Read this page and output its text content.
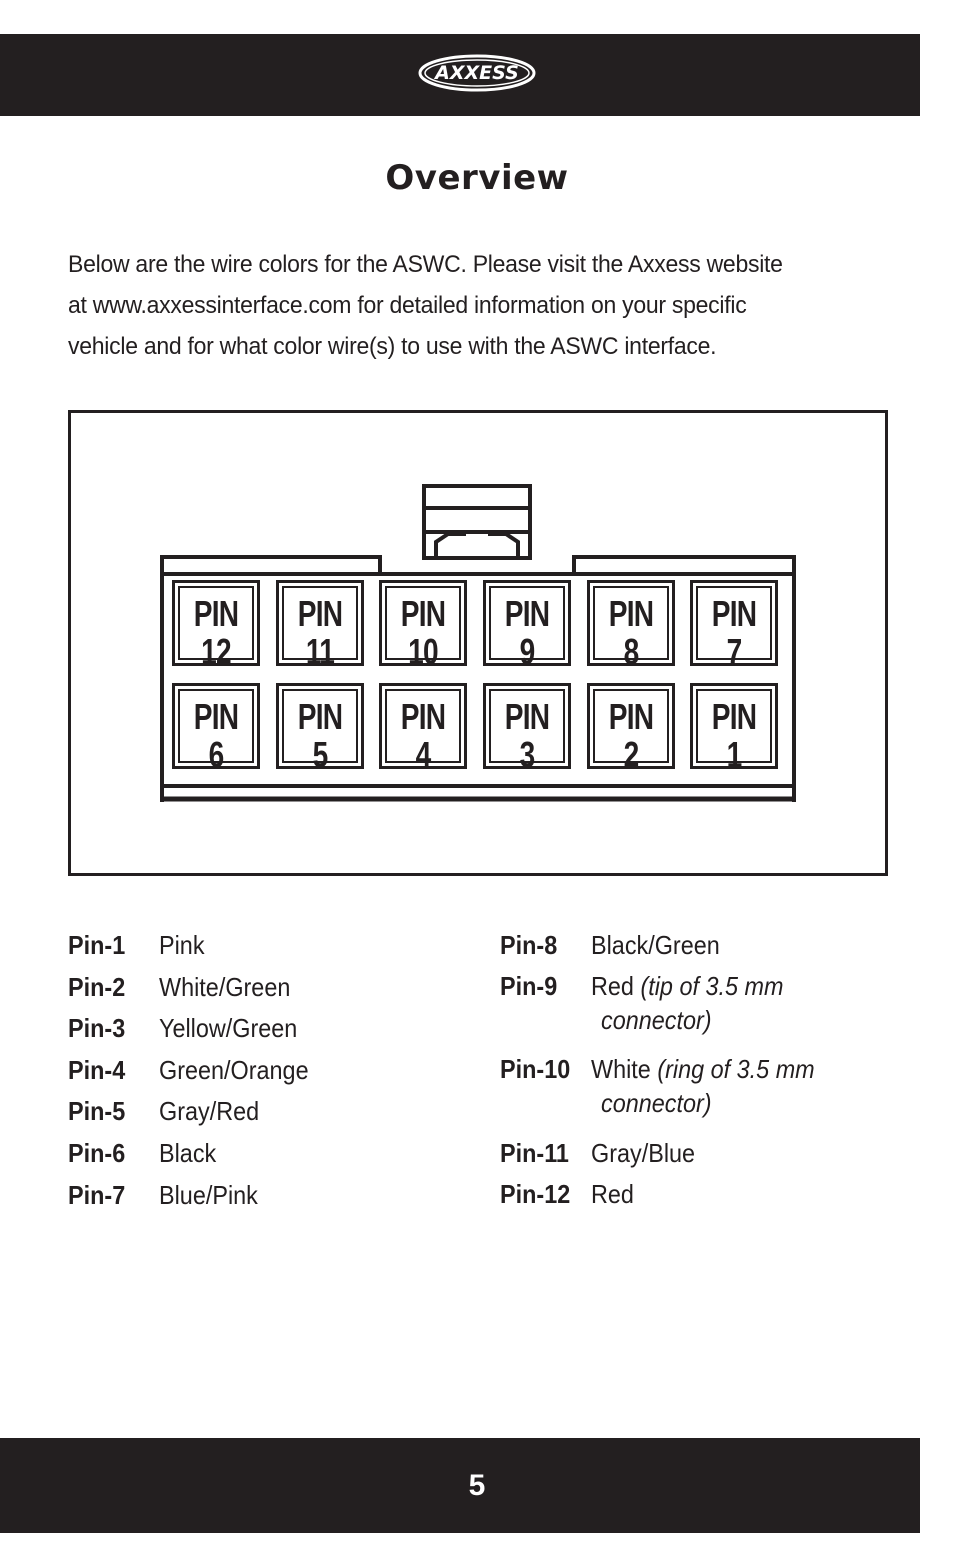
AXXESS
Overview
Below are the wire colors for the ASWC. Please visit the Axxess website
at www.axxessinterface.com for detailed information on your specific
vehicle and for what color wire(s) to use with the ASWC interface.
PIN
12
PIN
11
PIN
10
PIN
9
PIN
8
PIN
7
PIN
6
PIN
5
PIN
4
PIN
3
PIN
2
PIN
1
Pin-1 Pink
Pin-2 White/Green
Pin-3 Yellow/Green
Pin-4 Green/Orange
Pin-5 Gray/Red
Pin-6 Black
Pin-7 Blue/Pink
Pin-8 Black/Green
Pin-9 Red (tip of 3.5 mm
connector)
Pin-10 White (ring of 3.5 mm
connector)
Pin-11 Gray/Blue
Pin-12 Red
5
